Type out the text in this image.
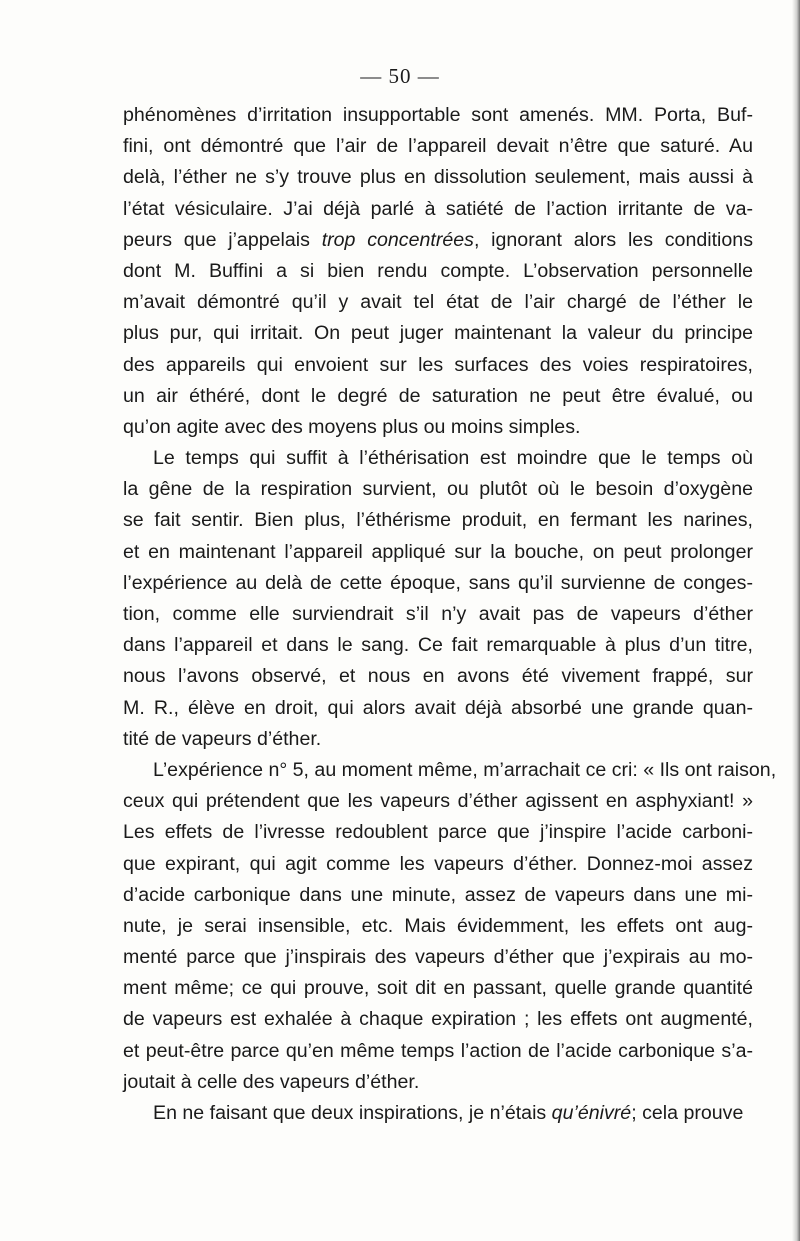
— 50 —
phénomènes d’irritation insupportable sont amenés. MM. Porta, Buf-
fini, ont démontré que l’air de l’appareil devait n’être que saturé. Au
delà, l’éther ne s’y trouve plus en dissolution seulement, mais aussi à
l’état vésiculaire. J’ai déjà parlé à satiété de l’action irritante de va-
peurs que j’appelais trop concentrées, ignorant alors les conditions
dont M. Buffini a si bien rendu compte. L’observation personnelle
m’avait démontré qu’il y avait tel état de l’air chargé de l’éther le
plus pur, qui irritait. On peut juger maintenant la valeur du principe
des appareils qui envoient sur les surfaces des voies respiratoires,
un air éthéré, dont le degré de saturation ne peut être évalué, ou
qu’on agite avec des moyens plus ou moins simples.
Le temps qui suffit à l’éthérisation est moindre que le temps où
la gêne de la respiration survient, ou plutôt où le besoin d’oxygène
se fait sentir. Bien plus, l’éthérisme produit, en fermant les narines,
et en maintenant l’appareil appliqué sur la bouche, on peut prolonger
l’expérience au delà de cette époque, sans qu’il survienne de conges-
tion, comme elle surviendrait s’il n’y avait pas de vapeurs d’éther
dans l’appareil et dans le sang. Ce fait remarquable à plus d’un titre,
nous l’avons observé, et nous en avons été vivement frappé, sur
M. R., élève en droit, qui alors avait déjà absorbé une grande quan-
tité de vapeurs d’éther.
L’expérience n° 5, au moment même, m’arrachait ce cri: « Ils ont raison,
ceux qui prétendent que les vapeurs d’éther agissent en asphyxiant! »
Les effets de l’ivresse redoublent parce que j’inspire l’acide carboni-
que expirant, qui agit comme les vapeurs d’éther. Donnez-moi assez
d’acide carbonique dans une minute, assez de vapeurs dans une mi-
nute, je serai insensible, etc. Mais évidemment, les effets ont aug-
menté parce que j’inspirais des vapeurs d’éther que j’expirais au mo-
ment même; ce qui prouve, soit dit en passant, quelle grande quantité
de vapeurs est exhalée à chaque expiration ; les effets ont augmenté,
et peut-être parce qu’en même temps l’action de l’acide carbonique s’a-
joutait à celle des vapeurs d’éther.
En ne faisant que deux inspirations, je n’étais qu’énivré; cela prouve
